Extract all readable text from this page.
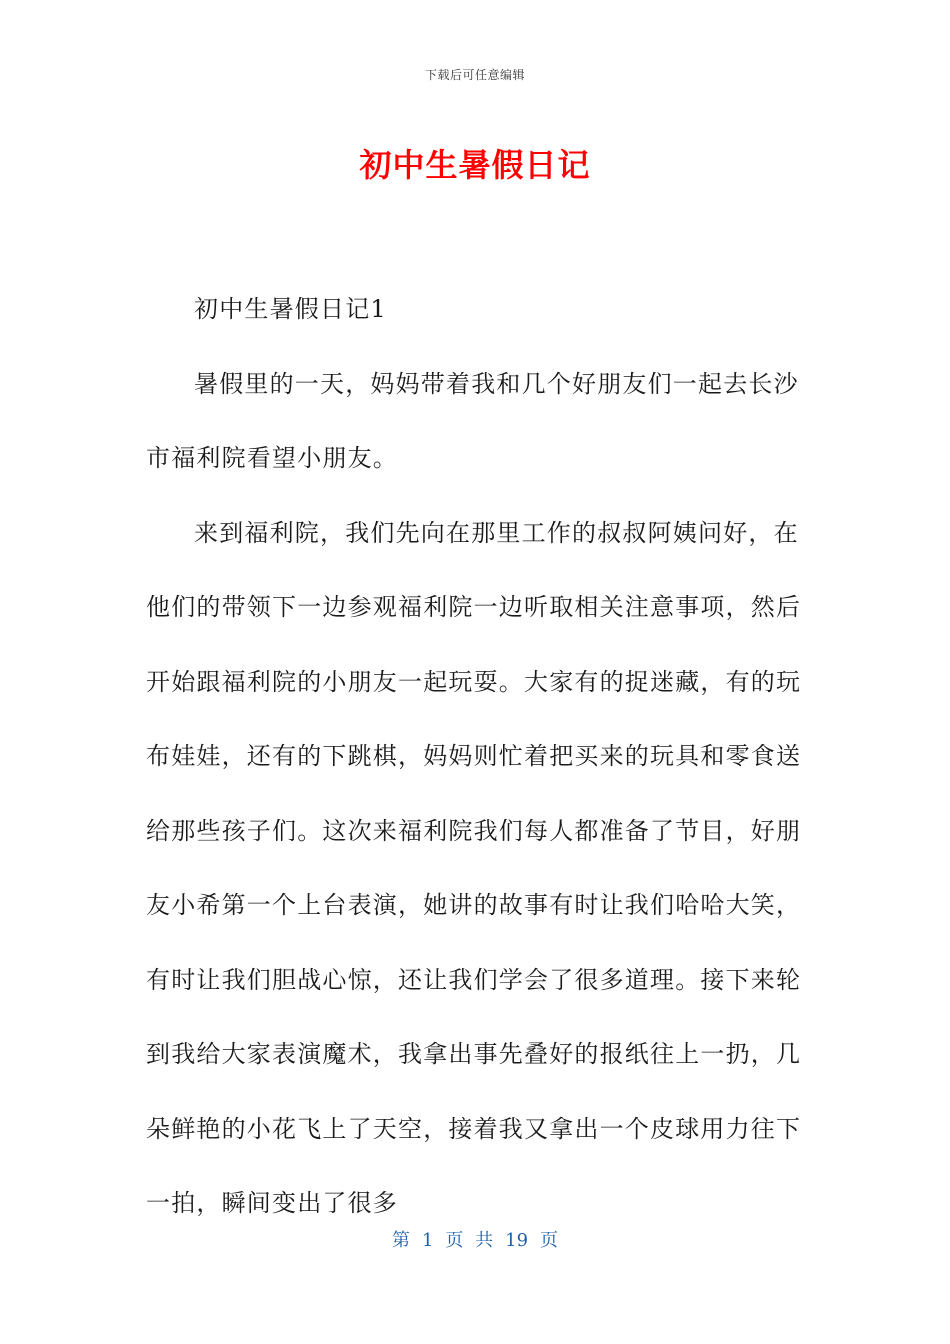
下载后可任意编辑
初中生暑假日记

初中生暑假日记1

暑假里的一天，妈妈带着我和几个好朋友们一起去长沙市福利院看望小朋友。

来到福利院，我们先向在那里工作的叔叔阿姨问好，在他们的带领下一边参观福利院一边听取相关注意事项，然后开始跟福利院的小朋友一起玩耍。大家有的捉迷藏，有的玩布娃娃，还有的下跳棋，妈妈则忙着把买来的玩具和零食送给那些孩子们。这次来福利院我们每人都准备了节目，好朋友小希第一个上台表演，她讲的故事有时让我们哈哈大笑，有时让我们胆战心惊，还让我们学会了很多道理。接下来轮到我给大家表演魔术，我拿出事先叠好的报纸往上一扔，几朵鲜艳的小花飞上了天空，接着我又拿出一个皮球用力往下一拍，瞬间变出了很多

第 1 页 共 19 页
